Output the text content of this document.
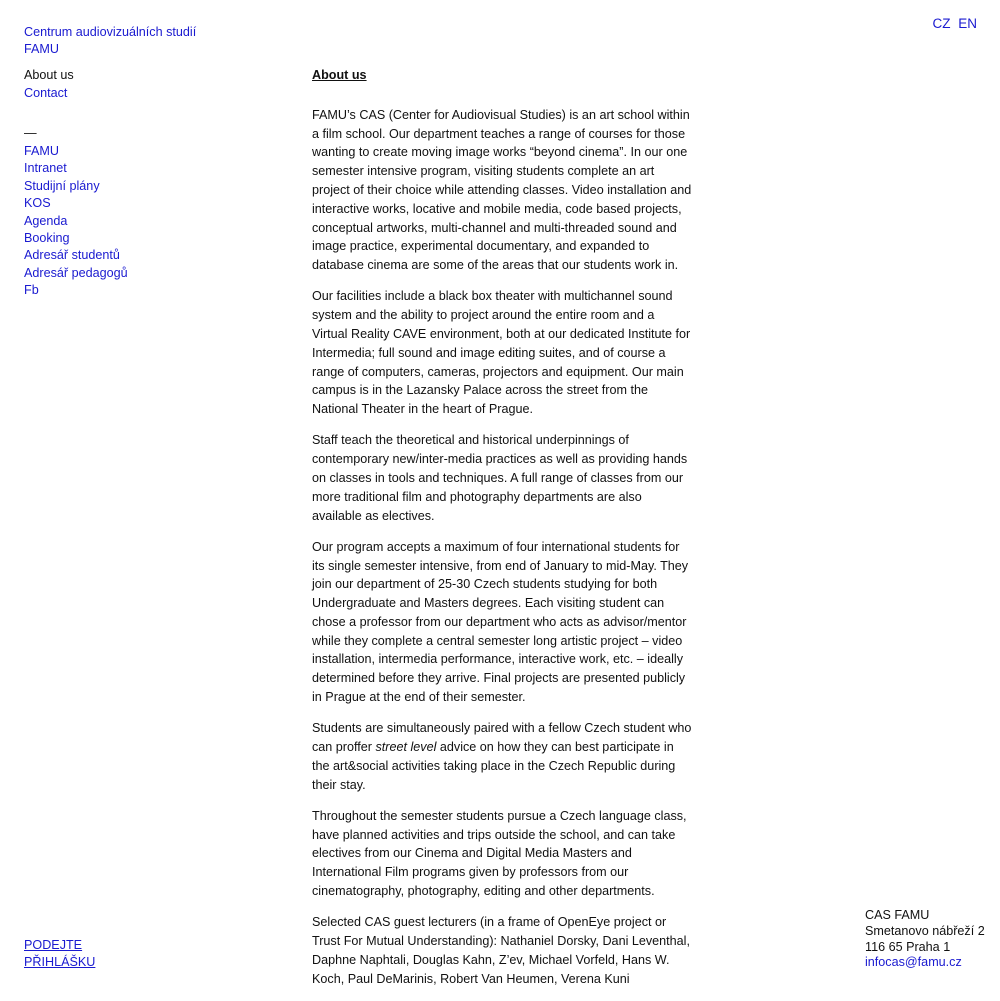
Centrum audiovizuálních studií
FAMU
CZ EN
About us
Contact
—
FAMU
Intranet
Studijní plány
KOS
Agenda
Booking
Adresář studentů
Adresář pedagogů
Fb
About us

FAMU’s CAS (Center for Audiovisual Studies) is an art school within a film school. Our department teaches a range of courses for those wanting to create moving image works “beyond cinema”. In our one semester intensive program, visiting students complete an art project of their choice while attending classes. Video installation and interactive works, locative and mobile media, code based projects, conceptual artworks, multi-channel and multi-threaded sound and image practice, experimental documentary, and expanded to database cinema are some of the areas that our students work in.

Our facilities include a black box theater with multichannel sound system and the ability to project around the entire room and a Virtual Reality CAVE environment, both at our dedicated Institute for Intermedia; full sound and image editing suites, and of course a range of computers, cameras, projectors and equipment. Our main campus is in the Lazansky Palace across the street from the National Theater in the heart of Prague.

Staff teach the theoretical and historical underpinnings of contemporary new/inter-media practices as well as providing hands on classes in tools and techniques. A full range of classes from our more traditional film and photography departments are also available as electives.

Our program accepts a maximum of four international students for its single semester intensive, from end of January to mid-May. They join our department of 25-30 Czech students studying for both Undergraduate and Masters degrees. Each visiting student can chose a professor from our department who acts as advisor/mentor while they complete a central semester long artistic project – video installation, intermedia performance, interactive work, etc. – ideally determined before they arrive. Final projects are presented publicly in Prague at the end of their semester.

Students are simultaneously paired with a fellow Czech student who can proffer street level advice on how they can best participate in the art&social activities taking place in the Czech Republic during their stay.

Throughout the semester students pursue a Czech language class, have planned activities and trips outside the school, and can take electives from our Cinema and Digital Media Masters and International Film programs given by professors from our cinematography, photography, editing and other departments.

Selected CAS guest lecturers (in a frame of OpenEye project or Trust For Mutual Understanding): Nathaniel Dorsky, Dani Leventhal, Daphne Naphtali, Douglas Kahn, Z’ev, Michael Vorfeld, Hans W. Koch, Paul DeMarinis, Robert Van Heumen, Verena Kuni

PODEJTE
PŘIHLÁŠKU
CAS FAMU
Smetanovo nábřeží 2
116 65 Praha 1
infocas@famu.cz
